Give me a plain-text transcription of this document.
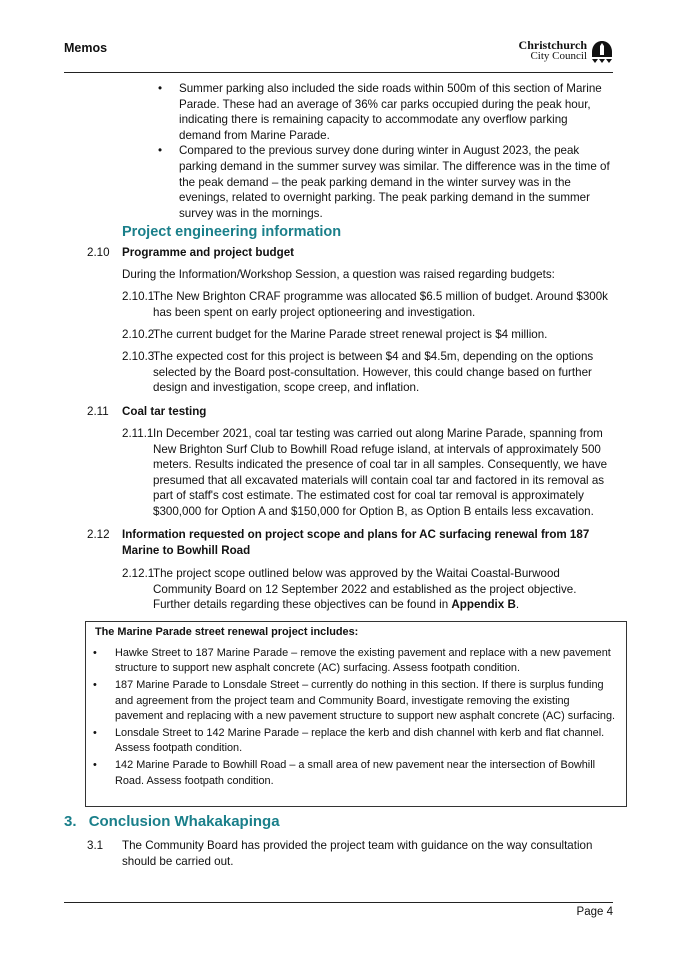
Memos	Christchurch
City Council
• Summer parking also included the side roads within 500m of this section of Marine Parade. These had an average of 36% car parks occupied during the peak hour, indicating there is remaining capacity to accommodate any overflow parking demand from Marine Parade.
• Compared to the previous survey done during winter in August 2023, the peak parking demand in the summer survey was similar. The difference was in the time of the peak demand – the peak parking demand in the winter survey was in the evenings, related to overnight parking. The peak parking demand in the summer survey was in the mornings.
Project engineering information
2.10 Programme and project budget
During the Information/Workshop Session, a question was raised regarding budgets:
2.10.1
The New Brighton CRAF programme was allocated $6.5 million of budget. Around $300k has been spent on early project optioneering and investigation.
2.10.2
The current budget for the Marine Parade street renewal project is $4 million.
2.10.3
The expected cost for this project is between $4 and $4.5m, depending on the options selected by the Board post-consultation. However, this could change based on further design and investigation, scope creep, and inflation.
2.11 Coal tar testing
2.11.1 In December 2021, coal tar testing was carried out along Marine Parade, spanning from New Brighton Surf Club to Bowhill Road refuge island, at intervals of approximately 500 meters. Results indicated the presence of coal tar in all samples. Consequently, we have presumed that all excavated materials will contain coal tar and factored in its removal as part of staff's cost estimate. The estimated cost for coal tar removal is approximately $300,000 for Option A and $150,000 for Option B, as Option B entails less excavation.
2.12 Information requested on project scope and plans for AC surfacing renewal from 187 Marine to Bowhill Road
2.12.1
The project scope outlined below was approved by the Waitai Coastal-Burwood Community Board on 12 September 2022 and established as the project objective. Further details regarding these objectives can be found in Appendix B.
The Marine Parade street renewal project includes:
• Hawke Street to 187 Marine Parade – remove the existing pavement and replace with a new pavement structure to support new asphalt concrete (AC) surfacing. Assess footpath condition.
• 187 Marine Parade to Lonsdale Street – currently do nothing in this section. If there is surplus funding and agreement from the project team and Community Board, investigate removing the existing pavement and replacing with a new pavement structure to support new asphalt concrete (AC) surfacing.
• Lonsdale Street to 142 Marine Parade – replace the kerb and dish channel with kerb and flat channel. Assess footpath condition.
• 142 Marine Parade to Bowhill Road – a small area of new pavement near the intersection of Bowhill Road. Assess footpath condition.
3. Conclusion Whakakapinga
3.1 The Community Board has provided the project team with guidance on the way consultation should be carried out.
Page 4
